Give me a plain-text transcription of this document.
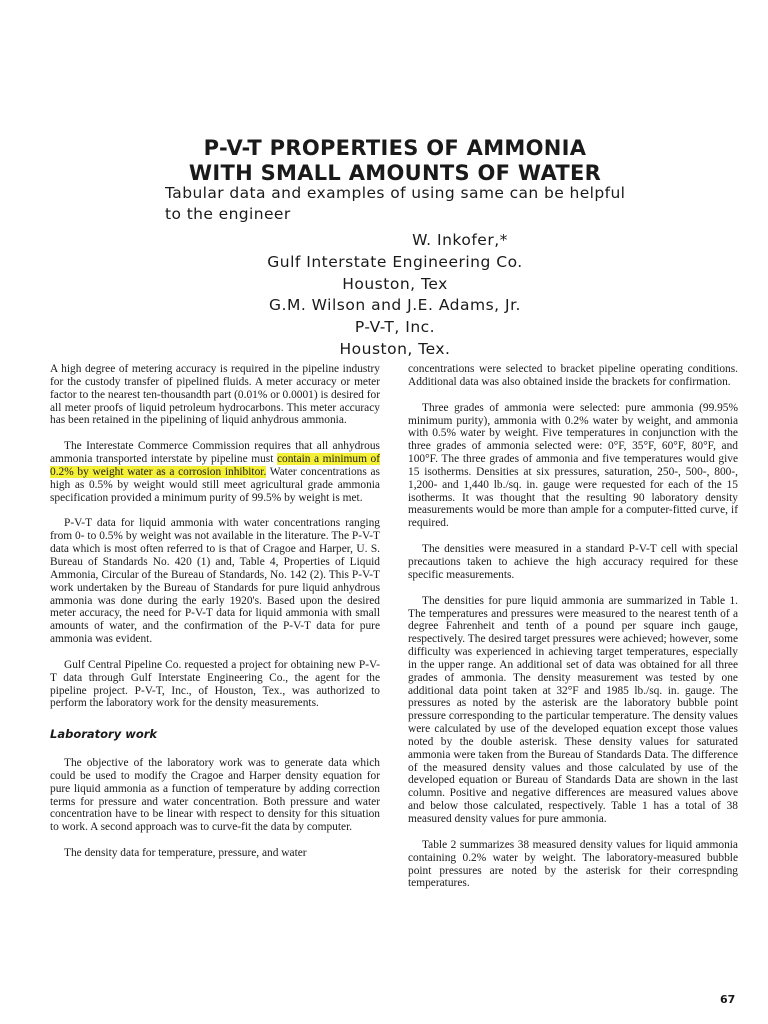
P-V-T PROPERTIES OF AMMONIA
WITH SMALL AMOUNTS OF WATER
Tabular data and examples of using same can be helpful to the engineer
W. Inkofer,*
Gulf Interstate Engineering Co.
Houston, Tex
G.M. Wilson and J.E. Adams, Jr.
P-V-T, Inc.
Houston, Tex.

A high degree of metering accuracy is required in the pipeline industry for the custody transfer of pipelined fluids. A meter accuracy or meter factor to the nearest ten-thousandth part (0.01% or 0.0001) is desired for all meter proofs of liquid petroleum hydrocarbons. This meter accuracy has been retained in the pipelining of liquid anhydrous ammonia.

The Interestate Commerce Commission requires that all anhydrous ammonia transported interstate by pipeline must contain a minimum of 0.2% by weight water as a corrosion inhibitor. Water concentrations as high as 0.5% by weight would still meet agricultural grade ammonia specification provided a minimum purity of 99.5% by weight is met.

P-V-T data for liquid ammonia with water concentrations ranging from 0- to 0.5% by weight was not available in the literature. The P-V-T data which is most often referred to is that of Cragoe and Harper, U. S. Bureau of Standards No. 420 (1) and, Table 4, Properties of Liquid Ammonia, Circular of the Bureau of Standards, No. 142 (2). This P-V-T work undertaken by the Bureau of Standards for pure liquid anhydrous ammonia was done during the early 1920's. Based upon the desired meter accuracy, the need for P-V-T data for liquid ammonia with small amounts of water, and the confirmation of the P-V-T data for pure ammonia was evident.

Gulf Central Pipeline Co. requested a project for obtaining new P-V-T data through Gulf Interstate Engineering Co., the agent for the pipeline project. P-V-T, Inc., of Houston, Tex., was authorized to perform the laboratory work for the density measurements.

Laboratory work

The objective of the laboratory work was to generate data which could be used to modify the Cragoe and Harper density equation for pure liquid ammonia as a function of temperature by adding correction terms for pressure and water concentration. Both pressure and water concentration have to be linear with respect to density for this situation to work. A second approach was to curve-fit the data by computer.

The density data for temperature, pressure, and water

concentrations were selected to bracket pipeline operating conditions. Additional data was also obtained inside the brackets for confirmation.

Three grades of ammonia were selected: pure ammonia (99.95% minimum purity), ammonia with 0.2% water by weight, and ammonia with 0.5% water by weight. Five temperatures in conjunction with the three grades of ammonia selected were: 0°F, 35°F, 60°F, 80°F, and 100°F. The three grades of ammonia and five temperatures would give 15 isotherms. Densities at six pressures, saturation, 250-, 500-, 800-, 1,200- and 1,440 lb./sq. in. gauge were requested for each of the 15 isotherms. It was thought that the resulting 90 laboratory density measurements would be more than ample for a computer-fitted curve, if required.

The densities were measured in a standard P-V-T cell with special precautions taken to achieve the high accuracy required for these specific measurements.

The densities for pure liquid ammonia are summarized in Table 1. The temperatures and pressures were measured to the nearest tenth of a degree Fahrenheit and tenth of a pound per square inch gauge, respectively. The desired target pressures were achieved; however, some difficulty was experienced in achieving target temperatures, especially in the upper range. An additional set of data was obtained for all three grades of ammonia. The density measurement was tested by one additional data point taken at 32°F and 1985 lb./sq. in. gauge. The pressures as noted by the asterisk are the laboratory bubble point pressure corresponding to the particular temperature. The density values were calculated by use of the developed equation except those values noted by the double asterisk. These density values for saturated ammonia were taken from the Bureau of Standards Data. The difference of the measured density values and those calculated by use of the developed equation or Bureau of Standards Data are shown in the last column. Positive and negative differences are measured values above and below those calculated, respectively. Table 1 has a total of 38 measured density values for pure ammonia.

Table 2 summarizes 38 measured density values for liquid ammonia containing 0.2% water by weight. The laboratory-measured bubble point pressures are noted by the asterisk for their correspnding temperatures.

67
